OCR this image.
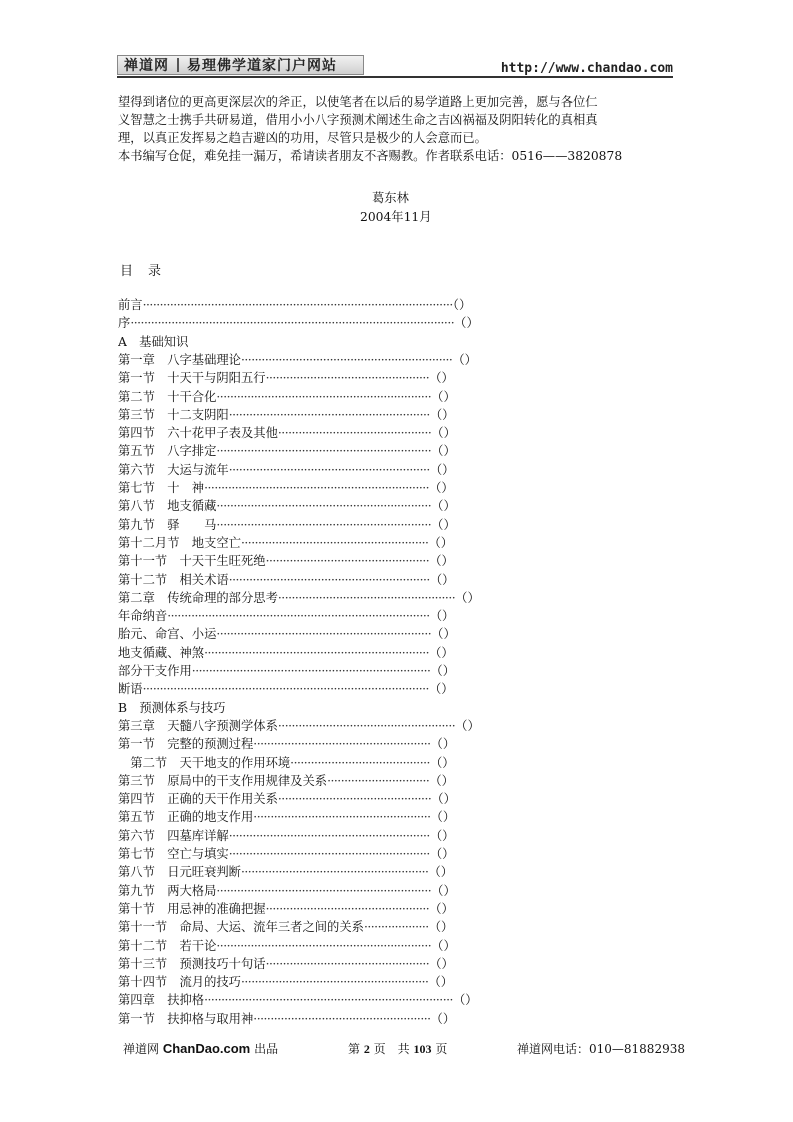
禅道网 易理佛学道家门户网站	http://www.chandao.com
望得到诸位的更高更深层次的斧正，以使笔者在以后的易学道路上更加完善，愿与各位仁
义智慧之士携手共研易道，借用小小八字预测术阐述生命之吉凶祸福及阴阳转化的真相真
理，以真正发挥易之趋吉避凶的功用，尽管只是极少的人会意而已。
本书编写仓促，难免挂一漏万，希请读者朋友不吝赐教。作者联系电话：0516——3820878
葛东林
2004年11月
目　录
前言···························································································（）
序·······························································································（）
A　基础知识
第一章　八字基础理论······························································（）
第一节　十天干与阴阳五行················································（）
第二节　十干合化·······························································（）
第三节　十二支阴阳···························································（）
第四节　六十花甲子表及其他·············································（）
第五节　八字排定·······························································（）
第六节　大运与流年···························································（）
第七节　十　神··································································（）
第八节　地支循藏·······························································（）
第九节　驿　　马·······························································（）
第十二月节　地支空亡·······················································（）
第十一节　十天干生旺死绝················································（）
第十二节　相关术语···························································（）
第二章　传统命理的部分思考····················································（）
年命纳音·············································································（）
胎元、命宫、小运·······························································（）
地支循藏、神煞··································································（）
部分干支作用······································································（）
断语····················································································（）
B　预测体系与技巧
第三章　天髓八字预测学体系····················································（）
第一节　完整的预测过程····················································（）
　第二节　天干地支的作用环境·········································（）
第三节　原局中的干支作用规律及关系······························（）
第四节　正确的天干作用关系·············································（）
第五节　正确的地支作用····················································（）
第六节　四墓库详解···························································（）
第七节　空亡与填实···························································（）
第八节　日元旺衰判断·······················································（）
第九节　两大格局·······························································（）
第十节　用忌神的准确把握················································（）
第十一节　命局、大运、流年三者之间的关系···················（）
第十二节　若干论·······························································（）
第十三节　预测技巧十句话················································（）
第十四节　流月的技巧·······················································（）
第四章　扶抑格·········································································（）
第一节　扶抑格与取用神····················································（）
禅道网 ChanDao.com 出品	第 2 页　共 103 页	禅道网电话：010—81882938
